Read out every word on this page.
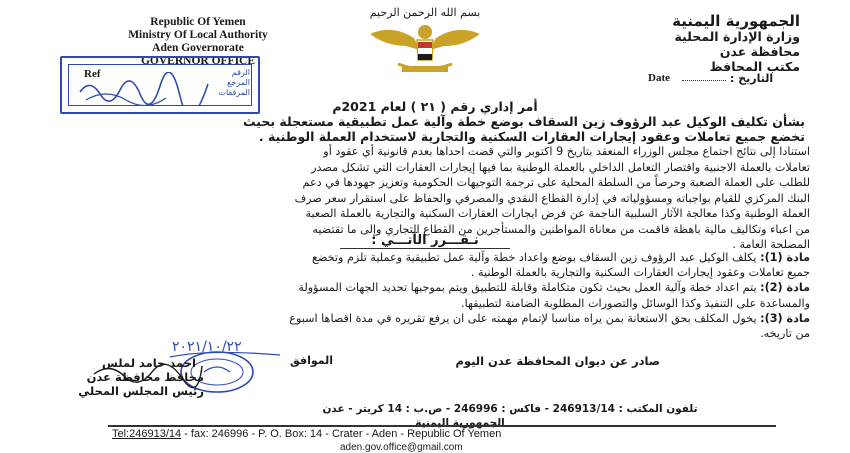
بسم الله الرحمن الرحيم
Republic Of Yemen
Ministry Of Local Authority
Aden Governorate
GOVERNOR OFFICE
الجمهورية اليمنية
وزارة الإدارة المحلية
محافظة عدن
مكتب المحافظ
الرقم
المرجع
المرفقات
Ref	Date	التاريخ :
أمر إداري رقم ( ٢١ ) لعام 2021م
بشأن تكليف الوكيل عبد الرؤوف زين السقاف بوضع خطة وآلية عمل تطبيقية مستعجلة بحيث
تخضع جميع تعاملات وعقود إيجارات العقارات السكنية والتجارية لاستخدام العملة الوطنية .
استنادا إلى نتائج اجتماع مجلس الوزراء المنعقد بتاريخ 9 اكتوبر والتي قضت احداها بعدم قانونية أي عقود أو
تعاملات بالعملة الاجنبية واقتصار التعامل الداخلي بالعملة الوطنية بما فيها إيجارات العقارات التي تشكل مصدر
للطلب على العملة الصعبة وحرصاً من السلطة المحلية على ترجمة التوجيهات الحكومية وتعزيز جهودها في دعم
البنك المركزي للقيام بواجباته ومسؤولياته في إدارة القطاع النقدي والمصرفي والحفاظ على استقرار سعر صرف
العملة الوطنية وكذا معالجة الآثار السلبية الناجمة عن فرض ايجارات العقارات السكنية والتجارية بالعملة الصعبة
من اعباء وتكاليف مالية باهظة فاقمت من معاناة المواطنين والمستأجرين من القطاع التجاري وإلى ما تقتضيه
المصلحة العامة .
نـقـــرر الآتـــي :
مادة (1): يكلف الوكيل عبد الرؤوف زين السقاف بوضع واعداد خطة وآلية عمل تطبيقية وعملية تلزم وتخضع
جميع تعاملات وعقود إيجارات العقارات السكنية والتجارية بالعملة الوطنية .
مادة (2): يتم اعداد خطة وآلية العمل بحيث تكون متكاملة وقابلة للتطبيق ويتم بموجبها تحديد الجهات المسؤولة
والمساعدة على التنفيذ وكذا الوسائل والتصورات المطلوبة الضامنة لتطبيقها.
مادة (3): يخول المكلف بحق الاستعانة بمن يراه مناسبا لإتمام مهمته على ان يرفع تقريره في مدة اقصاها اسبوع
من تاريخه.
صادر عن ديوان المحافظة عدن اليوم
الموافق
٢٠٢١/١٠/٢٢
احمد حامد لملس
محافظ محافظة عدن
رئيس المجلس المحلي
تلفون المكتب : 246913/14 - فاكس : 246996 - ص.ب : 14 كريتر - عدن
الجمهورية اليمنية
Tel:246913/14 - fax: 246996 - P. O. Box: 14 - Crater - Aden - Republic Of Yemen
aden.gov.office@gmail.com
